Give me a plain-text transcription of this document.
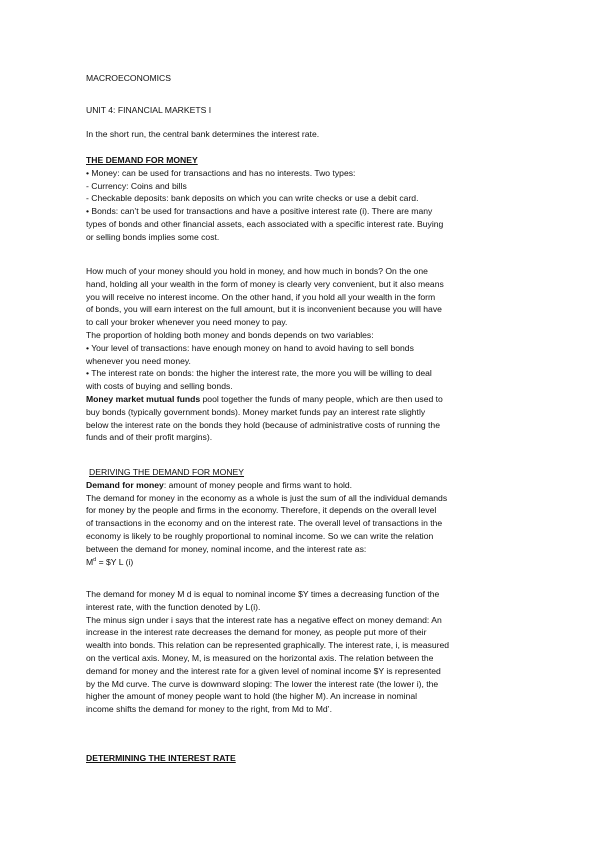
MACROECONOMICS
UNIT 4: FINANCIAL MARKETS I
In the short run, the central bank determines the interest rate.
THE DEMAND FOR MONEY
• Money: can be used for transactions and has no interests. Two types:
- Currency: Coins and bills
- Checkable deposits: bank deposits on which you can write checks or use a debit card.
• Bonds: can’t be used for transactions and have a positive interest rate (i). There are many
types of bonds and other financial assets, each associated with a specific interest rate. Buying
or selling bonds implies some cost.
How much of your money should you hold in money, and how much in bonds? On the one
hand, holding all your wealth in the form of money is clearly very convenient, but it also means
you will receive no interest income. On the other hand, if you hold all your wealth in the form
of bonds, you will earn interest on the full amount, but it is inconvenient because you will have
to call your broker whenever you need money to pay.
The proportion of holding both money and bonds depends on two variables:
• Your level of transactions: have enough money on hand to avoid having to sell bonds
whenever you need money.
• The interest rate on bonds: the higher the interest rate, the more you will be willing to deal
with costs of buying and selling bonds.
Money market mutual funds pool together the funds of many people, which are then used to
buy bonds (typically government bonds). Money market funds pay an interest rate slightly
below the interest rate on the bonds they hold (because of administrative costs of running the
funds and of their profit margins).
DERIVING THE DEMAND FOR MONEY
Demand for money: amount of money people and firms want to hold.
The demand for money in the economy as a whole is just the sum of all the individual demands
for money by the people and firms in the economy. Therefore, it depends on the overall level
of transactions in the economy and on the interest rate. The overall level of transactions in the
economy is likely to be roughly proportional to nominal income. So we can write the relation
between the demand for money, nominal income, and the interest rate as:
$M^d$ = $Y L (i)
The demand for money M d is equal to nominal income $Y times a decreasing function of the
interest rate, with the function denoted by L(i).
The minus sign under i says that the interest rate has a negative effect on money demand: An
increase in the interest rate decreases the demand for money, as people put more of their
wealth into bonds. This relation can be represented graphically. The interest rate, i, is measured
on the vertical axis. Money, M, is measured on the horizontal axis. The relation between the
demand for money and the interest rate for a given level of nominal income $Y is represented
by the Md curve. The curve is downward sloping: The lower the interest rate (the lower i), the
higher the amount of money people want to hold (the higher M). An increase in nominal
income shifts the demand for money to the right, from Md to Md’.
DETERMINING THE INTEREST RATE
